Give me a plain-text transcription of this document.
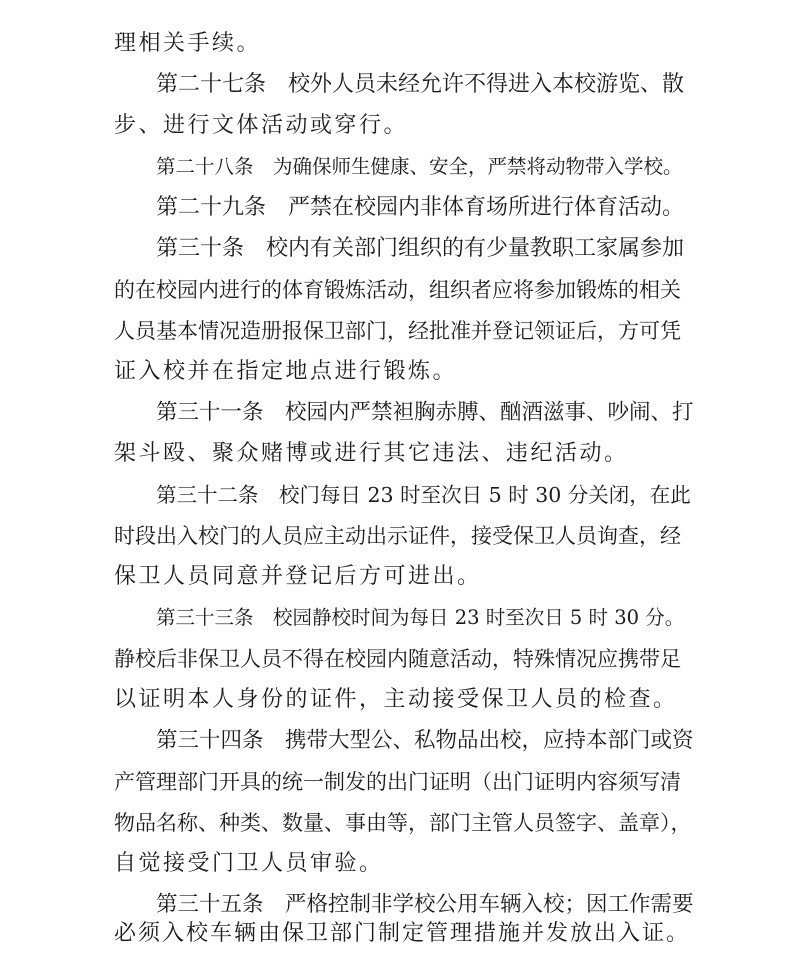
理相关手续。
第二十七条　校外人员未经允许不得进入本校游览、散
步、进行文体活动或穿行。
第二十八条　为确保师生健康、安全，严禁将动物带入学校。
第二十九条　严禁在校园内非体育场所进行体育活动。
第三十条　校内有关部门组织的有少量教职工家属参加
的在校园内进行的体育锻炼活动，组织者应将参加锻炼的相关
人员基本情况造册报保卫部门，经批准并登记领证后，方可凭
证入校并在指定地点进行锻炼。
第三十一条　校园内严禁袒胸赤膊、酗酒滋事、吵闹、打
架斗殴、聚众赌博或进行其它违法、违纪活动。
第三十二条　校门每日 23 时至次日 5 时 30 分关闭，在此
时段出入校门的人员应主动出示证件，接受保卫人员询查，经
保卫人员同意并登记后方可进出。
第三十三条　校园静校时间为每日 23 时至次日 5 时 30 分。
静校后非保卫人员不得在校园内随意活动，特殊情况应携带足
以证明本人身份的证件，主动接受保卫人员的检查。
第三十四条　携带大型公、私物品出校，应持本部门或资
产管理部门开具的统一制发的出门证明（出门证明内容须写清
物品名称、种类、数量、事由等，部门主管人员签字、盖章），
自觉接受门卫人员审验。
第三十五条　严格控制非学校公用车辆入校；因工作需要
必须入校车辆由保卫部门制定管理措施并发放出入证。
